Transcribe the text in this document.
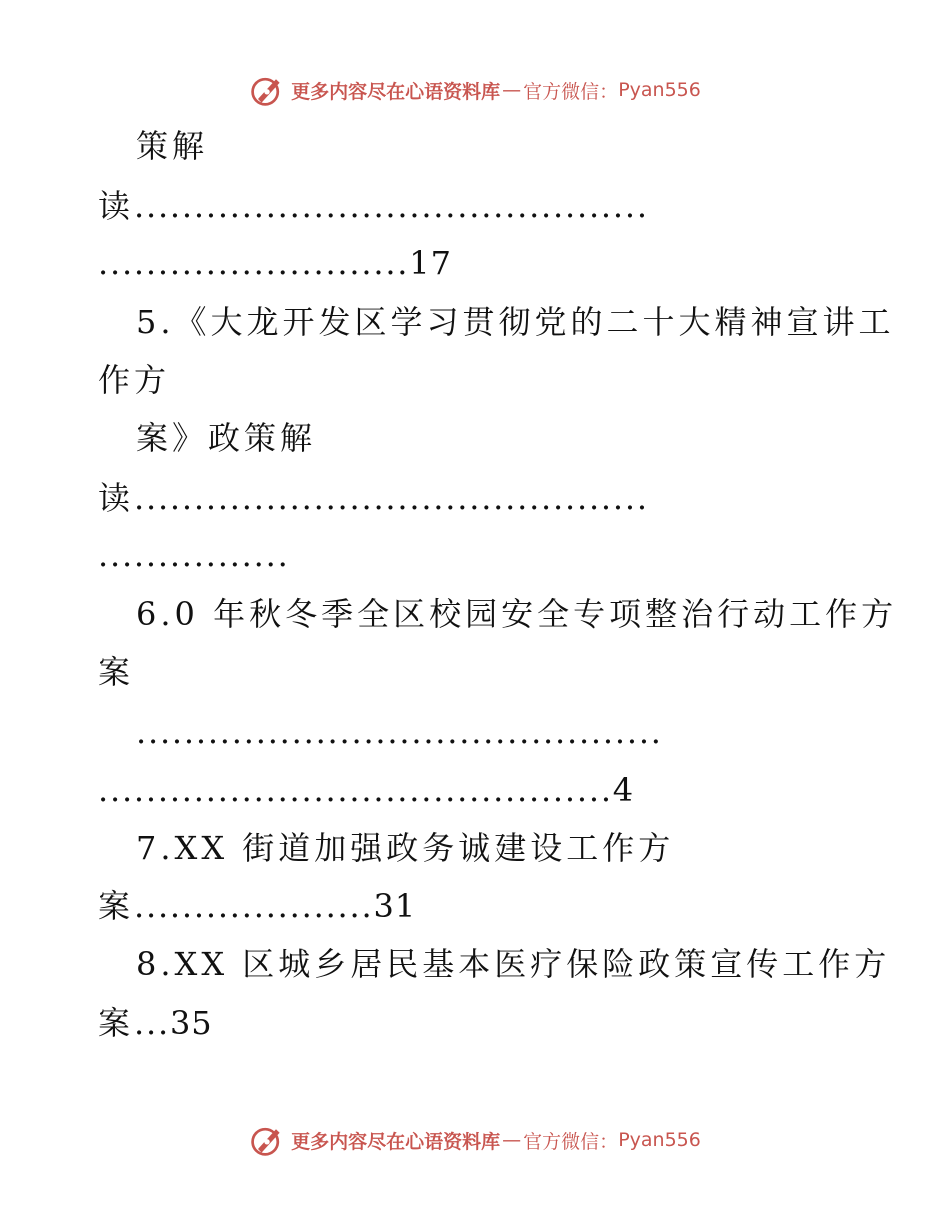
更多内容尽在心语资料库 — 官方微信： Pyan556
策解
读...........................................
..........................17
5.《大龙开发区学习贯彻党的二十大精神宣讲工
作方
案》政策解
读...........................................
................
6.0 年秋冬季全区校园安全专项整治行动工作方
案
............................................
...........................................4
7.XX 街道加强政务诚建设工作方
案....................31
8.XX 区城乡居民基本医疗保险政策宣传工作方
案...35
更多内容尽在心语资料库 — 官方微信： Pyan556
